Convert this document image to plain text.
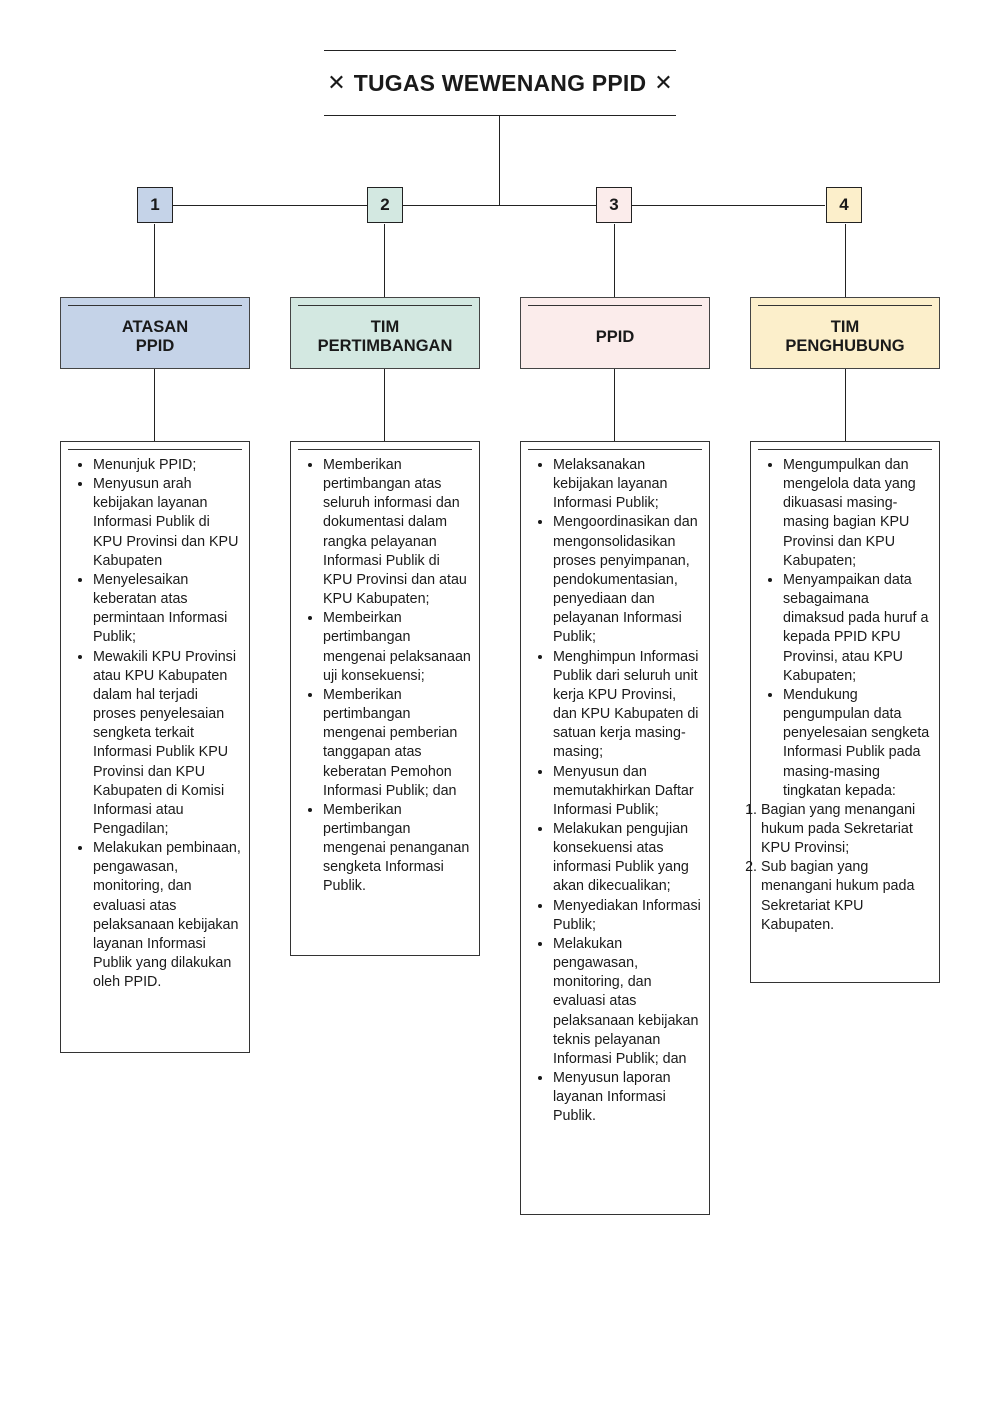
✕ TUGAS WEWENANG PPID ✕
1	2	3	4
ATASAN
PPID
TIM
PERTIMBANGAN
PPID
TIM
PENGHUBUNG
• Menunjuk PPID;
• Menyusun arah kebijakan layanan Informasi Publik di KPU Provinsi dan KPU Kabupaten
• Menyelesaikan keberatan atas permintaan Informasi Publik;
• Mewakili KPU Provinsi atau KPU Kabupaten dalam hal terjadi proses penyelesaian sengketa terkait Informasi Publik KPU Provinsi dan KPU Kabupaten di Komisi Informasi atau Pengadilan;
• Melakukan pembinaan, pengawasan, monitoring, dan evaluasi atas pelaksanaan kebijakan layanan Informasi Publik yang dilakukan oleh PPID.
• Memberikan pertimbangan atas seluruh informasi dan dokumentasi dalam rangka pelayanan Informasi Publik di KPU Provinsi dan atau KPU Kabupaten;
• Membeirkan pertimbangan mengenai pelaksanaan uji konsekuensi;
• Memberikan pertimbangan mengenai pemberian tanggapan atas keberatan Pemohon Informasi Publik; dan
• Memberikan pertimbangan mengenai penanganan sengketa Informasi Publik.
• Melaksanakan kebijakan layanan Informasi Publik;
• Mengoordinasikan dan mengonsolidasikan proses penyimpanan, pendokumentasian, penyediaan dan pelayanan Informasi Publik;
• Menghimpun Informasi Publik dari seluruh unit kerja KPU Provinsi, dan KPU Kabupaten di satuan kerja masing-masing;
• Menyusun dan memutakhirkan Daftar Informasi Publik;
• Melakukan pengujian konsekuensi atas informasi Publik yang akan dikecualikan;
• Menyediakan Informasi Publik;
• Melakukan pengawasan, monitoring, dan evaluasi atas pelaksanaan kebijakan teknis pelayanan Informasi Publik; dan
• Menyusun laporan layanan Informasi Publik.
• Mengumpulkan dan mengelola data yang dikuasasi masing-masing bagian KPU Provinsi dan KPU Kabupaten;
• Menyampaikan data sebagaimana dimaksud pada huruf a kepada PPID KPU Provinsi, atau KPU Kabupaten;
• Mendukung pengumpulan data penyelesaian sengketa Informasi Publik pada masing-masing tingkatan kepada:
1. Bagian yang menangani hukum pada Sekretariat KPU Provinsi;
2. Sub bagian yang menangani hukum pada Sekretariat KPU Kabupaten.
